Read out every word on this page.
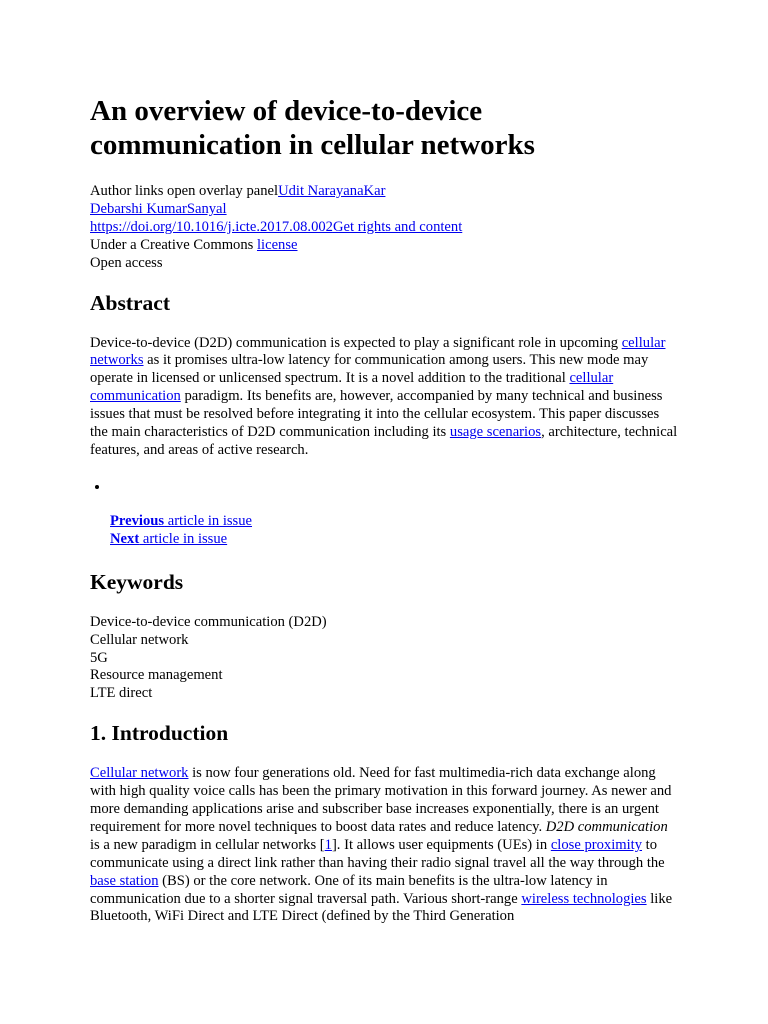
An overview of device-to-device
communication in cellular networks
Author links open overlay panelUdit NarayanaKar
Debarshi KumarSanyal
https://doi.org/10.1016/j.icte.2017.08.002Get rights and content
Under a Creative Commons license
Open access
Abstract

Device-to-device (D2D) communication is expected to play a significant role in upcoming cellular networks as it promises ultra-low latency for communication among users. This new mode may operate in licensed or unlicensed spectrum. It is a novel addition to the traditional cellular communication paradigm. Its benefits are, however, accompanied by many technical and business issues that must be resolved before integrating it into the cellular ecosystem. This paper discusses the main characteristics of D2D communication including its usage scenarios, architecture, technical features, and areas of active research.

•
Previous article in issue
Next article in issue
Keywords
Device-to-device communication (D2D)
Cellular network
5G
Resource management
LTE direct
1. Introduction

Cellular network is now four generations old. Need for fast multimedia-rich data exchange along with high quality voice calls has been the primary motivation in this forward journey. As newer and more demanding applications arise and subscriber base increases exponentially, there is an urgent requirement for more novel techniques to boost data rates and reduce latency. D2D communication is a new paradigm in cellular networks [1]. It allows user equipments (UEs) in close proximity to communicate using a direct link rather than having their radio signal travel all the way through the base station (BS) or the core network. One of its main benefits is the ultra-low latency in communication due to a shorter signal traversal path. Various short-range wireless technologies like Bluetooth, WiFi Direct and LTE Direct (defined by the Third Generation
